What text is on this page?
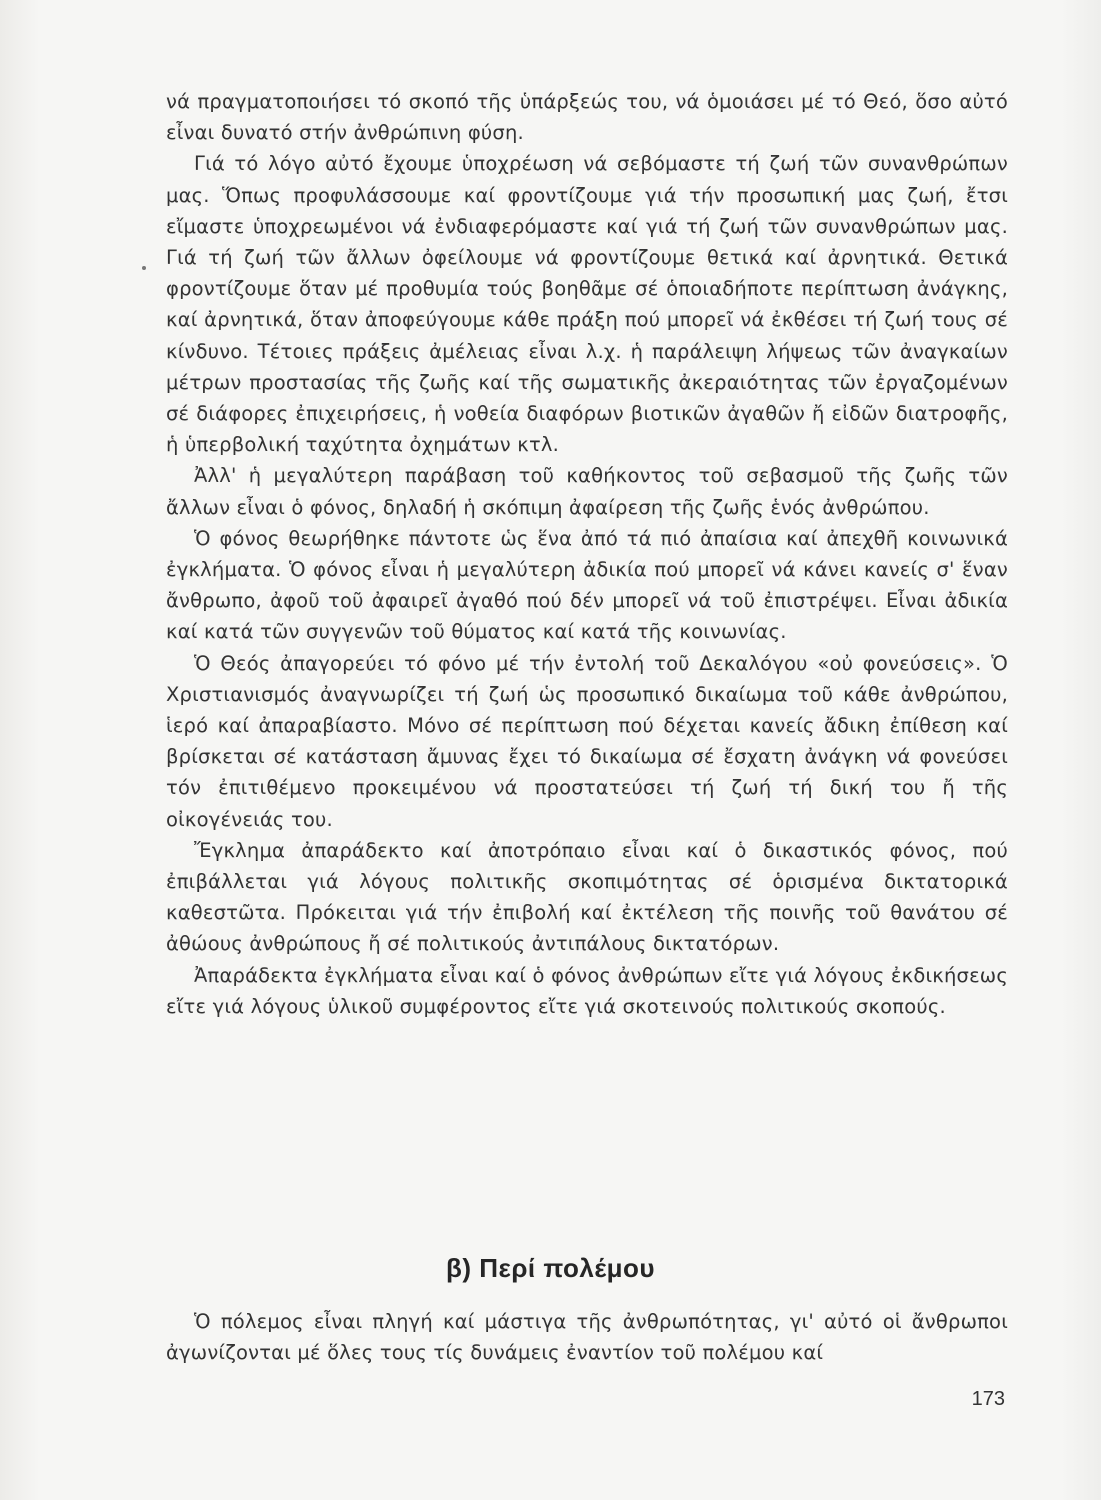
νά πραγματοποιήσει τό σκοπό τῆς ὑπάρξεώς του, νά ὁμοιάσει μέ τό Θεό, ὅσο αὐτό εἶναι δυνατό στήν ἀνθρώπινη φύση.

Γιά τό λόγο αὐτό ἔχουμε ὑποχρέωση νά σεβόμαστε τή ζωή τῶν συνανθρώπων μας. Ὅπως προφυλάσσουμε καί φροντίζουμε γιά τήν προσωπική μας ζωή, ἔτσι εἴμαστε ὑποχρεωμένοι νά ἐνδιαφερόμαστε καί γιά τή ζωή τῶν συνανθρώπων μας. Γιά τή ζωή τῶν ἄλλων ὀφείλουμε νά φροντίζουμε θετικά καί ἀρνητικά. Θετικά φροντίζουμε ὅταν μέ προθυμία τούς βοηθᾶμε σέ ὁποιαδήποτε περίπτωση ἀνάγκης, καί ἀρνητικά, ὅταν ἀποφεύγουμε κάθε πράξη πού μπορεῖ νά ἐκθέσει τή ζωή τους σέ κίνδυνο. Τέτοιες πράξεις ἀμέλειας εἶναι λ.χ. ἡ παράλειψη λήψεως τῶν ἀναγκαίων μέτρων προστασίας τῆς ζωῆς καί τῆς σωματικῆς ἀκεραιότητας τῶν ἐργαζομένων σέ διάφορες ἐπιχειρήσεις, ἡ νοθεία διαφόρων βιοτικῶν ἀγαθῶν ἤ εἰδῶν διατροφῆς, ἡ ὑπερβολική ταχύτητα ὀχημάτων κτλ.

Ἀλλ' ἡ μεγαλύτερη παράβαση τοῦ καθήκοντος τοῦ σεβασμοῦ τῆς ζωῆς τῶν ἄλλων εἶναι ὁ φόνος, δηλαδή ἡ σκόπιμη ἀφαίρεση τῆς ζωῆς ἑνός ἀνθρώπου.

Ὁ φόνος θεωρήθηκε πάντοτε ὡς ἕνα ἀπό τά πιό ἀπαίσια καί ἀπεχθῆ κοινωνικά ἐγκλήματα. Ὁ φόνος εἶναι ἡ μεγαλύτερη ἀδικία πού μπορεῖ νά κάνει κανείς σ' ἕναν ἄνθρωπο, ἀφοῦ τοῦ ἀφαιρεῖ ἀγαθό πού δέν μπορεῖ νά τοῦ ἐπιστρέψει. Εἶναι ἀδικία καί κατά τῶν συγγενῶν τοῦ θύματος καί κατά τῆς κοινωνίας.

Ὁ Θεός ἀπαγορεύει τό φόνο μέ τήν ἐντολή τοῦ Δεκαλόγου «οὐ φονεύσεις». Ὁ Χριστιανισμός ἀναγνωρίζει τή ζωή ὡς προσωπικό δικαίωμα τοῦ κάθε ἀνθρώπου, ἱερό καί ἀπαραβίαστο. Μόνο σέ περίπτωση πού δέχεται κανείς ἄδικη ἐπίθεση καί βρίσκεται σέ κατάσταση ἄμυνας ἔχει τό δικαίωμα σέ ἔσχατη ἀνάγκη νά φονεύσει τόν ἐπιτιθέμενο προκειμένου νά προστατεύσει τή ζωή τή δική του ἤ τῆς οἰκογένειάς του.

Ἔγκλημα ἀπαράδεκτο καί ἀποτρόπαιο εἶναι καί ὁ δικαστικός φόνος, πού ἐπιβάλλεται γιά λόγους πολιτικῆς σκοπιμότητας σέ ὁρισμένα δικτατορικά καθεστῶτα. Πρόκειται γιά τήν ἐπιβολή καί ἐκτέλεση τῆς ποινῆς τοῦ θανάτου σέ ἀθώους ἀνθρώπους ἤ σέ πολιτικούς ἀντιπάλους δικτατόρων.

Ἀπαράδεκτα ἐγκλήματα εἶναι καί ὁ φόνος ἀνθρώπων εἴτε γιά λόγους ἐκδικήσεως εἴτε γιά λόγους ὑλικοῦ συμφέροντος εἴτε γιά σκοτεινούς πολιτικούς σκοπούς.

β) Περί πολέμου

Ὁ πόλεμος εἶναι πληγή καί μάστιγα τῆς ἀνθρωπότητας, γι' αὐτό οἱ ἄνθρωποι ἀγωνίζονται μέ ὅλες τους τίς δυνάμεις ἐναντίον τοῦ πολέμου καί

173
